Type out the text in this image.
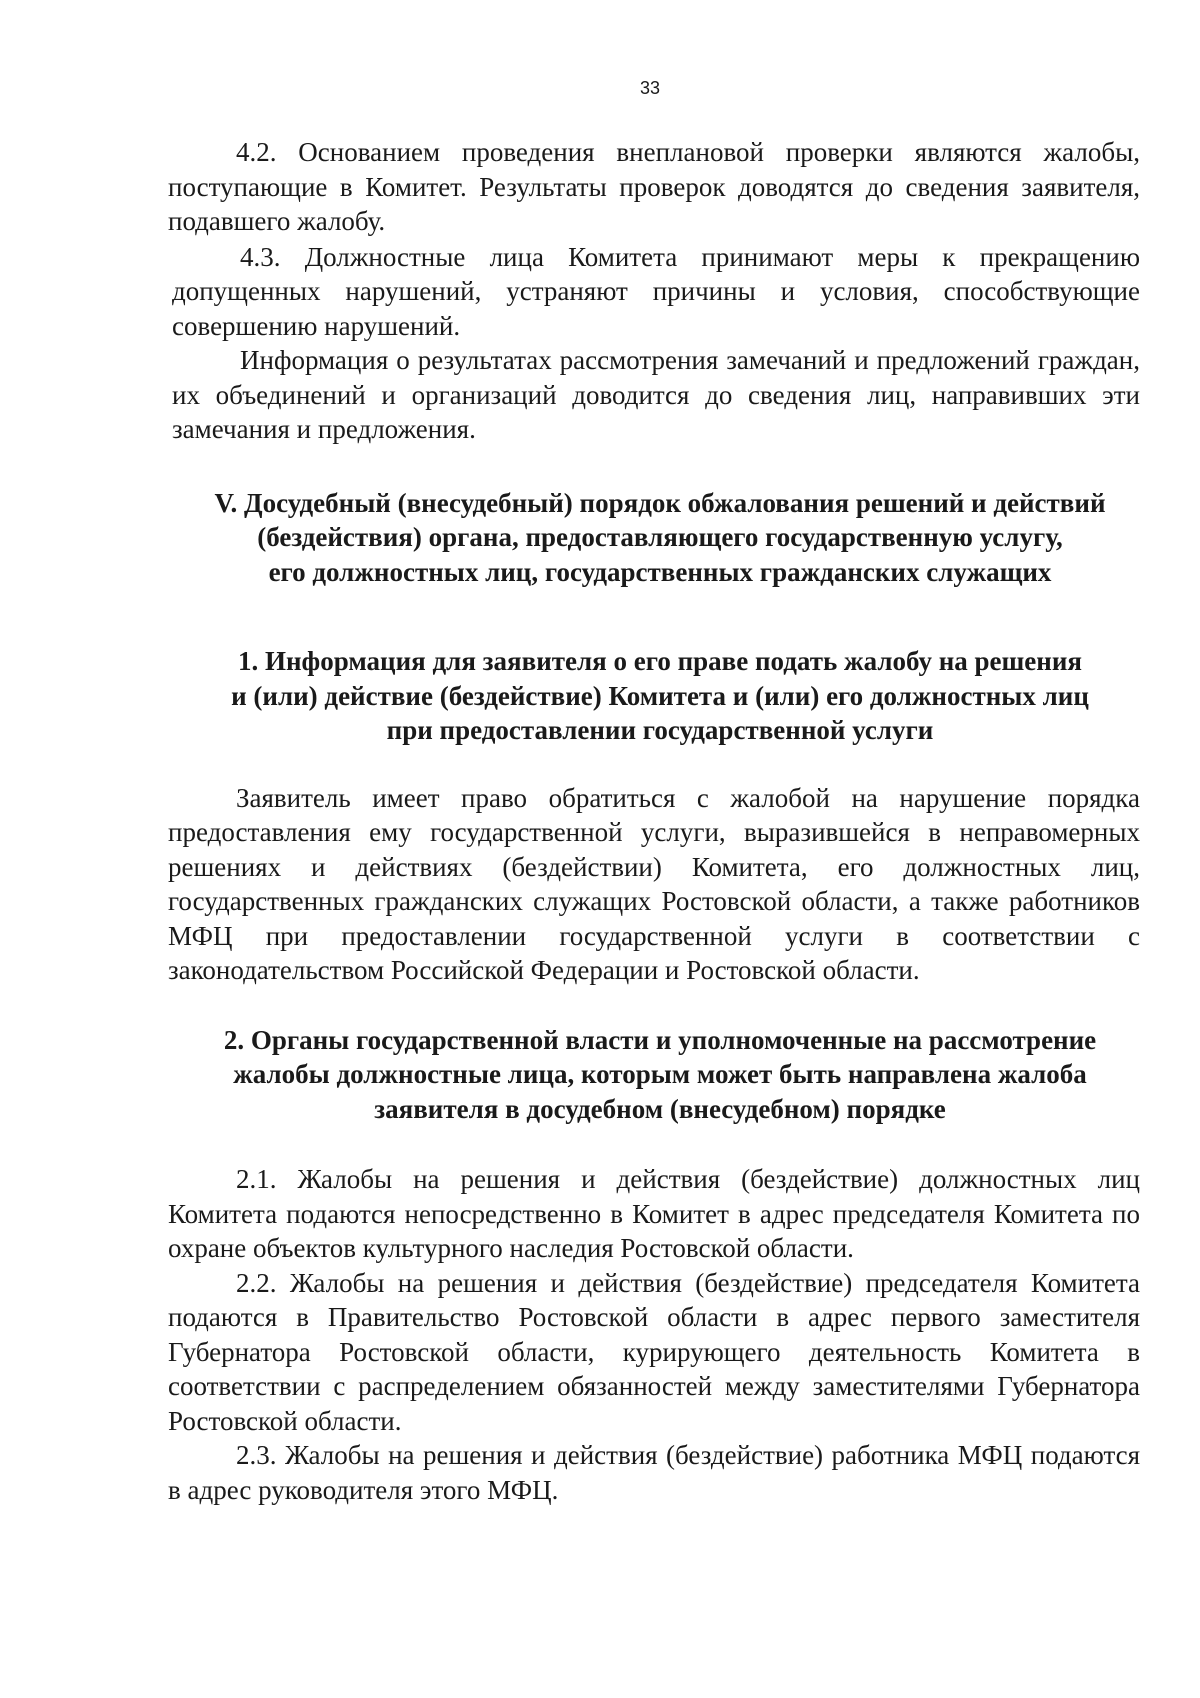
33

4.2. Основанием проведения внеплановой проверки являются жалобы, поступающие в Комитет. Результаты проверок доводятся до сведения заявителя, подавшего жалобу.

4.3. Должностные лица Комитета принимают меры к прекращению допущенных нарушений, устраняют причины и условия, способствующие совершению нарушений.

Информация о результатах рассмотрения замечаний и предложений граждан, их объединений и организаций доводится до сведения лиц, направивших эти замечания и предложения.

V. Досудебный (внесудебный) порядок обжалования решений и действий
(бездействия) органа, предоставляющего государственную услугу,
его должностных лиц, государственных гражданских служащих
1. Информация для заявителя о его праве подать жалобу на решения
и (или) действие (бездействие) Комитета и (или) его должностных лиц
при предоставлении государственной услуги

Заявитель имеет право обратиться с жалобой на нарушение порядка предоставления ему государственной услуги, выразившейся в неправомерных решениях и действиях (бездействии) Комитета, его должностных лиц, государственных гражданских служащих Ростовской области, а также работников МФЦ при предоставлении государственной услуги в соответствии с законодательством Российской Федерации и Ростовской области.

2. Органы государственной власти и уполномоченные на рассмотрение
жалобы должностные лица, которым может быть направлена жалоба
заявителя в досудебном (внесудебном) порядке

2.1. Жалобы на решения и действия (бездействие) должностных лиц Комитета подаются непосредственно в Комитет в адрес председателя Комитета по охране объектов культурного наследия Ростовской области.

2.2. Жалобы на решения и действия (бездействие) председателя Комитета подаются в Правительство Ростовской области в адрес первого заместителя Губернатора Ростовской области, курирующего деятельность Комитета в соответствии с распределением обязанностей между заместителями Губернатора Ростовской области.

2.3. Жалобы на решения и действия (бездействие) работника МФЦ подаются в адрес руководителя этого МФЦ.
